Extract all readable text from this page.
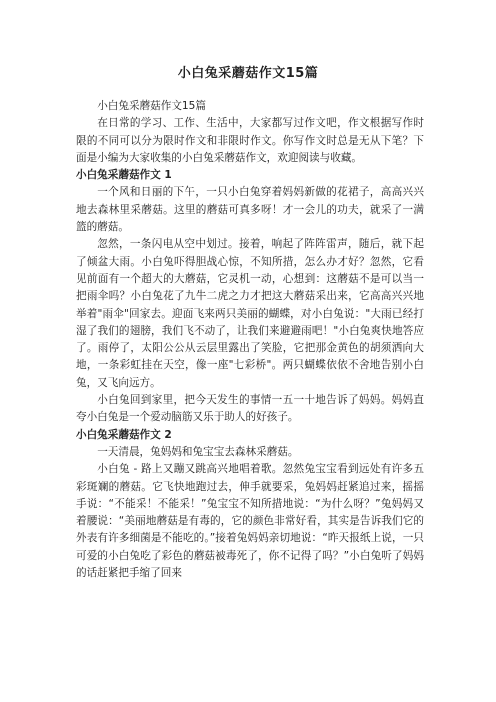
小白兔采蘑菇作文15篇

小白兔采蘑菇作文15篇

在日常的学习、工作、生活中，大家都写过作文吧，作文根据写作时限的不同可以分为限时作文和非限时作文。你写作文时总是无从下笔？下面是小编为大家收集的小白兔采蘑菇作文，欢迎阅读与收藏。

小白兔采蘑菇作文 1

一个风和日丽的下午，一只小白兔穿着妈妈新做的花裙子，高高兴兴地去森林里采蘑菇。这里的蘑菇可真多呀！才一会儿的功夫，就采了一满篮的蘑菇。

忽然，一条闪电从空中划过。接着，响起了阵阵雷声，随后，就下起了倾盆大雨。小白兔吓得胆战心惊，不知所措，怎么办才好？忽然，它看见前面有一个超大的大蘑菇，它灵机一动，心想到：这蘑菇不是可以当一把雨伞吗？小白兔花了九牛二虎之力才把这大蘑菇采出来，它高高兴兴地举着"雨伞"回家去。迎面飞来两只美丽的蝴蝶，对小白兔说："大雨已经打湿了我们的翅膀，我们飞不动了，让我们来避避雨吧！"小白兔爽快地答应了。雨停了，太阳公公从云层里露出了笑脸，它把那金黄色的胡须洒向大地，一条彩虹挂在天空，像一座"七彩桥"。两只蝴蝶依依不舍地告别小白兔，又飞向远方。

小白兔回到家里，把今天发生的事情一五一十地告诉了妈妈。妈妈直夸小白兔是一个爱动脑筋又乐于助人的好孩子。

小白兔采蘑菇作文 2

一天清晨，兔妈妈和兔宝宝去森林采蘑菇。

小白兔 - 路上又蹦又跳高兴地唱着歌。忽然兔宝宝看到远处有许多五彩斑斓的蘑菇。它飞快地跑过去，伸手就要采，兔妈妈赶紧追过来，摇摇手说：“不能采！不能采！”兔宝宝不知所措地说：“为什么呀？”兔妈妈又着腰说：“美丽地蘑菇是有毒的，它的颜色非常好看，其实是告诉我们它的外表有许多细菌是不能吃的。”接着兔妈妈亲切地说：“昨天报纸上说，一只可爱的小白兔吃了彩色的蘑菇被毒死了，你不记得了吗？”小白兔听了妈妈的话赶紧把手缩了回来
